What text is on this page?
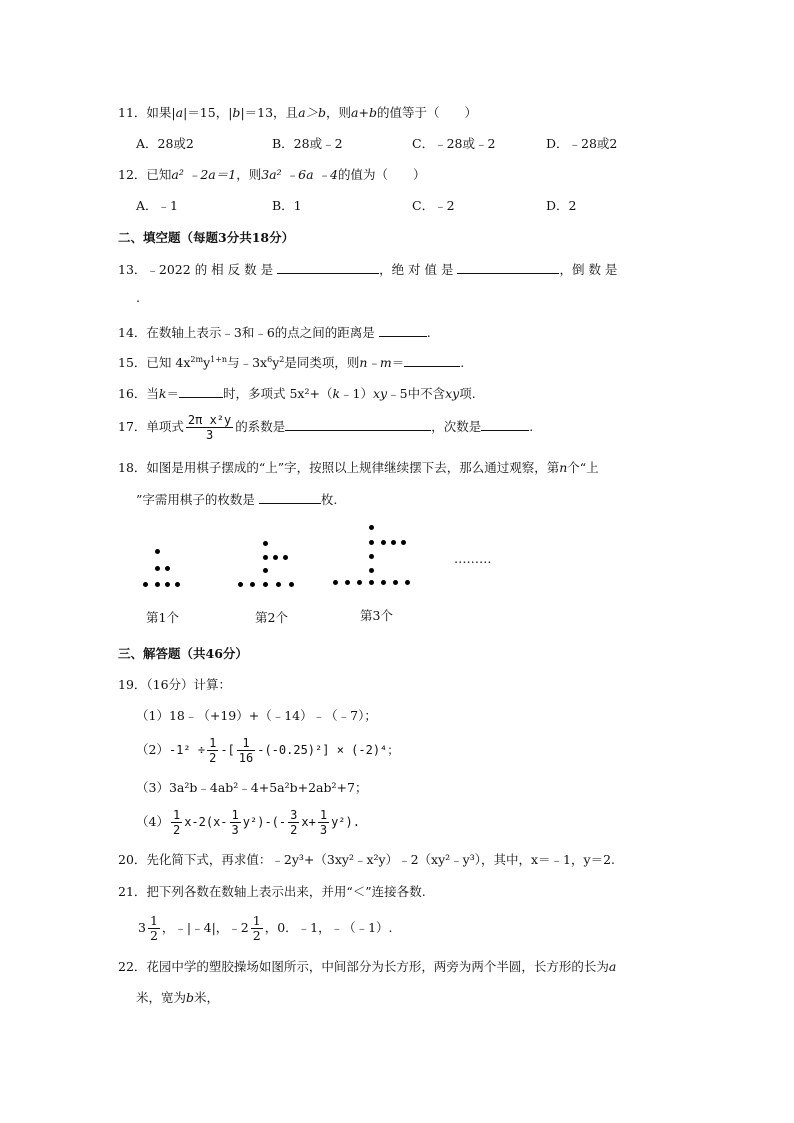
11．如果|a|＝15，|b|＝13，且a＞b，则a+b的值等于（　　）
A．28或2	B．28或﹣2	C．﹣28或﹣2	D．﹣28或2
12．已知a² ﹣2a＝1，则3a² ﹣6a ﹣4的值为（　　）
A．﹣1	B．1	C．﹣2	D．2
二、填空题（每题3分共18分）
13．﹣2022 的 相 反 数 是	，绝 对 值 是	，倒 数 是
.
14．在数轴上表示﹣3和﹣6的点之间的距离是	.
15．已知 $4x^{2m}y^{1+n}$与$﹣3x^6y^2$是同类项，则n﹣m＝	.
16．当k＝	时，多项式 5x²+（k﹣1）xy﹣5中不含xy项.
17．单项式 $\frac{\text{2π x²y}}{3}$ 的系数是	，次数是	.
18．如图是用棋子摆成的“上”字，按照以上规律继续摆下去，那么通过观察，第n个“上
”字需用棋子的枚数是	枚.
………
第1个	第2个	第3个
三、解答题（共46分）
19．（16分）计算：
（1）18﹣（+19）+（﹣14）﹣（﹣7）；
$(2)-1^2 \div \frac{1}{2}$ -[ $\frac{1}{16} -(-0.25)^2] \times (-2)^4$；
（3）3a²b﹣4ab²﹣4+5a²b+2ab²+7；
$(4) \frac{1}{2} x-2(x- \frac{1}{3} y^2)-(- \frac{3}{2} x+ \frac{1}{3} y^2)$.
20．先化简下式，再求值：﹣2y³+（3xy²﹣x²y）﹣2（xy²﹣y³），其中，x＝﹣1，y＝2.
21．把下列各数在数轴上表示出来，并用“＜”连接各数.
$3 \frac{1}{2}$ ，﹣|﹣4|，﹣2 $\frac{1}{2}$ ，0．﹣1，﹣（﹣1）.
22．花园中学的塑胶操场如图所示，中间部分为长方形，两旁为两个半圆，长方形的长为a
米，宽为b米，
